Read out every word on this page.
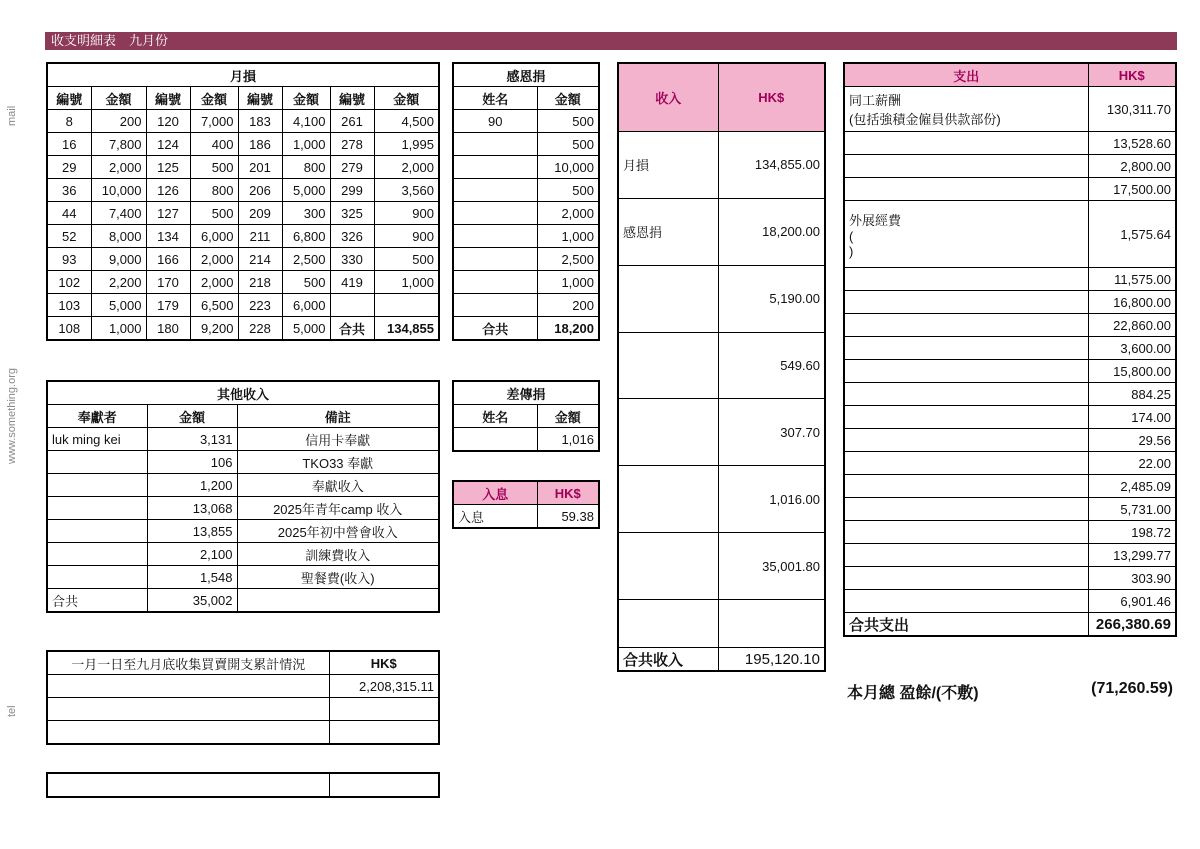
收支明細表　九月份
mail
www.something.org
tel
月損							
編號	金額	編號	金額	編號	金額	編號	金額
8	200	120	7,000	183	4,100	261	4,500
16	7,800	124	400	186	1,000	278	1,995
29	2,000	125	500	201	800	279	2,000
36	10,000	126	800	206	5,000	299	3,560
44	7,400	127	500	209	300	325	900
52	8,000	134	6,000	211	6,800	326	900
93	9,000	166	2,000	214	2,500	330	500
102	2,200	170	2,000	218	500	419	1,000
103	5,000	179	6,500	223	6,000		
108	1,000	180	9,200	228	5,000	合共	134,855
感恩捐	
姓名	金額
90	500
	500
	10,000
	500
	2,000
	1,000
	2,500
	1,000
	200
合共	18,200
其他收入		
奉獻者	金額	備註
luk ming kei	3,131	信用卡奉獻
	106	TKO33 奉獻
	1,200	奉獻收入
	13,068	2025年青年camp 收入
	13,855	2025年初中營會收入
	2,100	訓練費收入
	1,548	聖餐費(收入)
合共	35,002	
差傳捐	
姓名	金額
	1,016
入息	HK$
入息	59.38
收入	HK$
月損	134,855.00
感恩捐	18,200.00
	5,190.00
	549.60
	307.70
	1,016.00
	35,001.80

合共收入	195,120.10
支出	HK$
同工薪酬
(包括強積金僱員供款部份)	130,311.70
	13,528.60
	2,800.00
	17,500.00
外展經費
(
)	1,575.64
	11,575.00
	16,800.00
	22,860.00
	3,600.00
	15,800.00
	884.25
	174.00
	29.56
	22.00
	2,485.09
	5,731.00
	198.72
	13,299.77
	303.90
	6,901.46
合共支出	266,380.69
本月總 盈餘/(不敷)	(71,260.59)
一月一日至九月底收集買賣開支累計情況	HK$
	2,208,315.11
